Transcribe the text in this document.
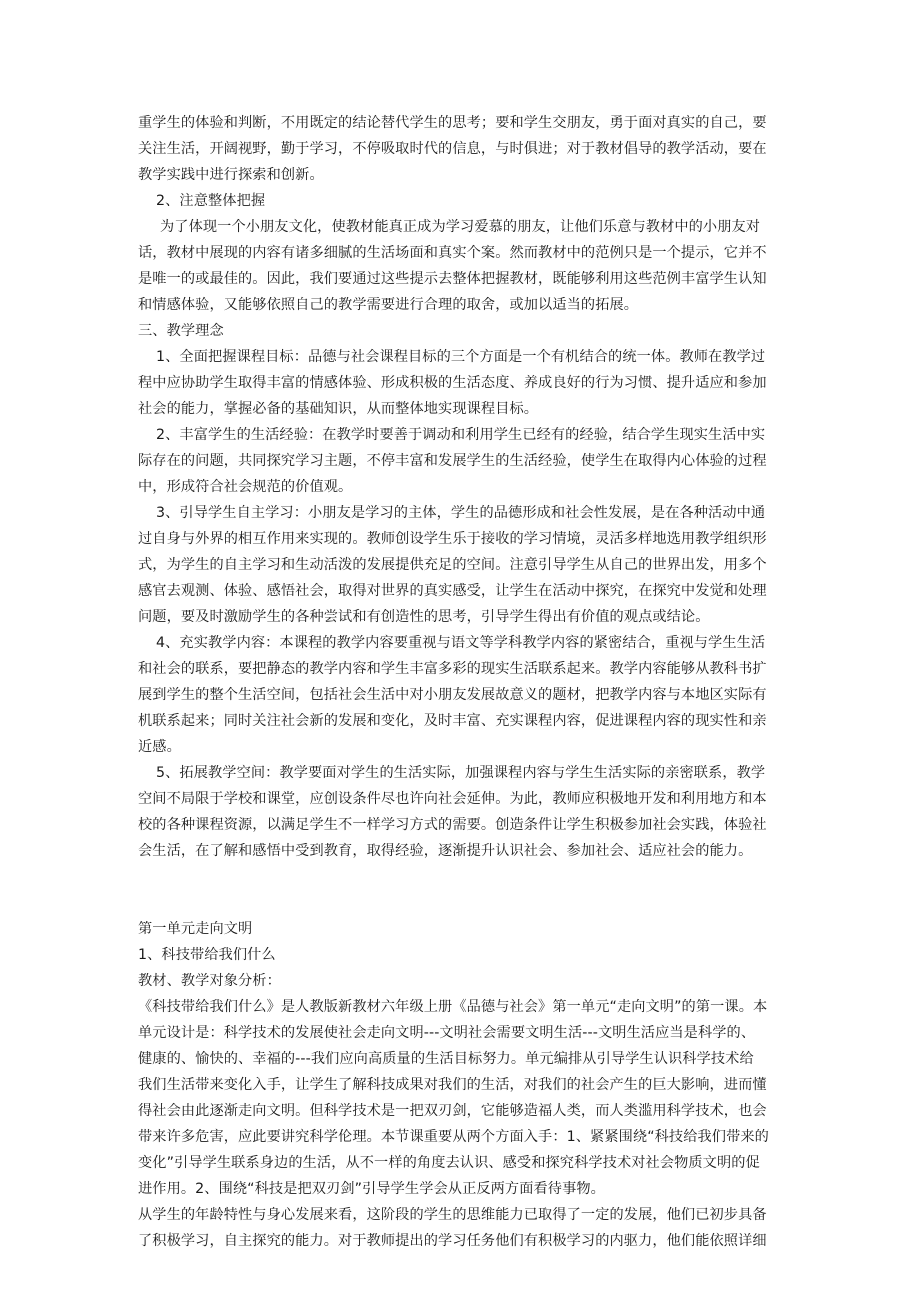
重学生的体验和判断，不用既定的结论替代学生的思考；要和学生交朋友，勇于面对真实的自己，要
关注生活，开阔视野，勤于学习，不停吸取时代的信息，与时俱进；对于教材倡导的教学活动，要在
教学实践中进行探索和创新。
2、注意整体把握
为了体现一个小朋友文化，使教材能真正成为学习爱慕的朋友，让他们乐意与教材中的小朋友对
话，教材中展现的内容有诸多细腻的生活场面和真实个案。然而教材中的范例只是一个提示，它并不
是唯一的或最佳的。因此，我们要通过这些提示去整体把握教材，既能够利用这些范例丰富学生认知
和情感体验，又能够依照自己的教学需要进行合理的取舍，或加以适当的拓展。
三、教学理念
1、全面把握课程目标：品德与社会课程目标的三个方面是一个有机结合的统一体。教师在教学过
程中应协助学生取得丰富的情感体验、形成积极的生活态度、养成良好的行为习惯、提升适应和参加
社会的能力，掌握必备的基础知识，从而整体地实现课程目标。
2、丰富学生的生活经验：在教学时要善于调动和利用学生已经有的经验，结合学生现实生活中实
际存在的问题，共同探究学习主题，不停丰富和发展学生的生活经验，使学生在取得内心体验的过程
中，形成符合社会规范的价值观。
3、引导学生自主学习：小朋友是学习的主体，学生的品德形成和社会性发展，是在各种活动中通
过自身与外界的相互作用来实现的。教师创设学生乐于接收的学习情境，灵活多样地选用教学组织形
式，为学生的自主学习和生动活泼的发展提供充足的空间。注意引导学生从自己的世界出发，用多个
感官去观测、体验、感悟社会，取得对世界的真实感受，让学生在活动中探究，在探究中发觉和处理
问题，要及时激励学生的各种尝试和有创造性的思考，引导学生得出有价值的观点或结论。
4、充实教学内容：本课程的教学内容要重视与语文等学科教学内容的紧密结合，重视与学生生活
和社会的联系，要把静态的教学内容和学生丰富多彩的现实生活联系起来。教学内容能够从教科书扩
展到学生的整个生活空间，包括社会生活中对小朋友发展故意义的题材，把教学内容与本地区实际有
机联系起来；同时关注社会新的发展和变化，及时丰富、充实课程内容，促进课程内容的现实性和亲
近感。
5、拓展教学空间：教学要面对学生的生活实际，加强课程内容与学生生活实际的亲密联系，教学
空间不局限于学校和课堂，应创设条件尽也许向社会延伸。为此，教师应积极地开发和利用地方和本
校的各种课程资源，以满足学生不一样学习方式的需要。创造条件让学生积极参加社会实践，体验社
会生活，在了解和感悟中受到教育，取得经验，逐渐提升认识社会、参加社会、适应社会的能力。
第一单元走向文明
1、科技带给我们什么
教材、教学对象分析：
《科技带给我们什么》是人教版新教材六年级上册《品德与社会》第一单元“走向文明”的第一课。本
单元设计是：科学技术的发展使社会走向文明---文明社会需要文明生活---文明生活应当是科学的、
健康的、愉快的、幸福的---我们应向高质量的生活目标努力。单元编排从引导学生认识科学技术给
我们生活带来变化入手，让学生了解科技成果对我们的生活，对我们的社会产生的巨大影响，进而懂
得社会由此逐渐走向文明。但科学技术是一把双刃剑，它能够造福人类，而人类滥用科学技术，也会
带来许多危害，应此要讲究科学伦理。本节课重要从两个方面入手：1、紧紧围绕“科技给我们带来的
变化”引导学生联系身边的生活，从不一样的角度去认识、感受和探究科学技术对社会物质文明的促
进作用。2、围绕“科技是把双刃剑”引导学生学会从正反两方面看待事物。
从学生的年龄特性与身心发展来看，这阶段的学生的思维能力已取得了一定的发展，他们已初步具备
了积极学习，自主探究的能力。对于教师提出的学习任务他们有积极学习的内驱力，他们能依照详细
